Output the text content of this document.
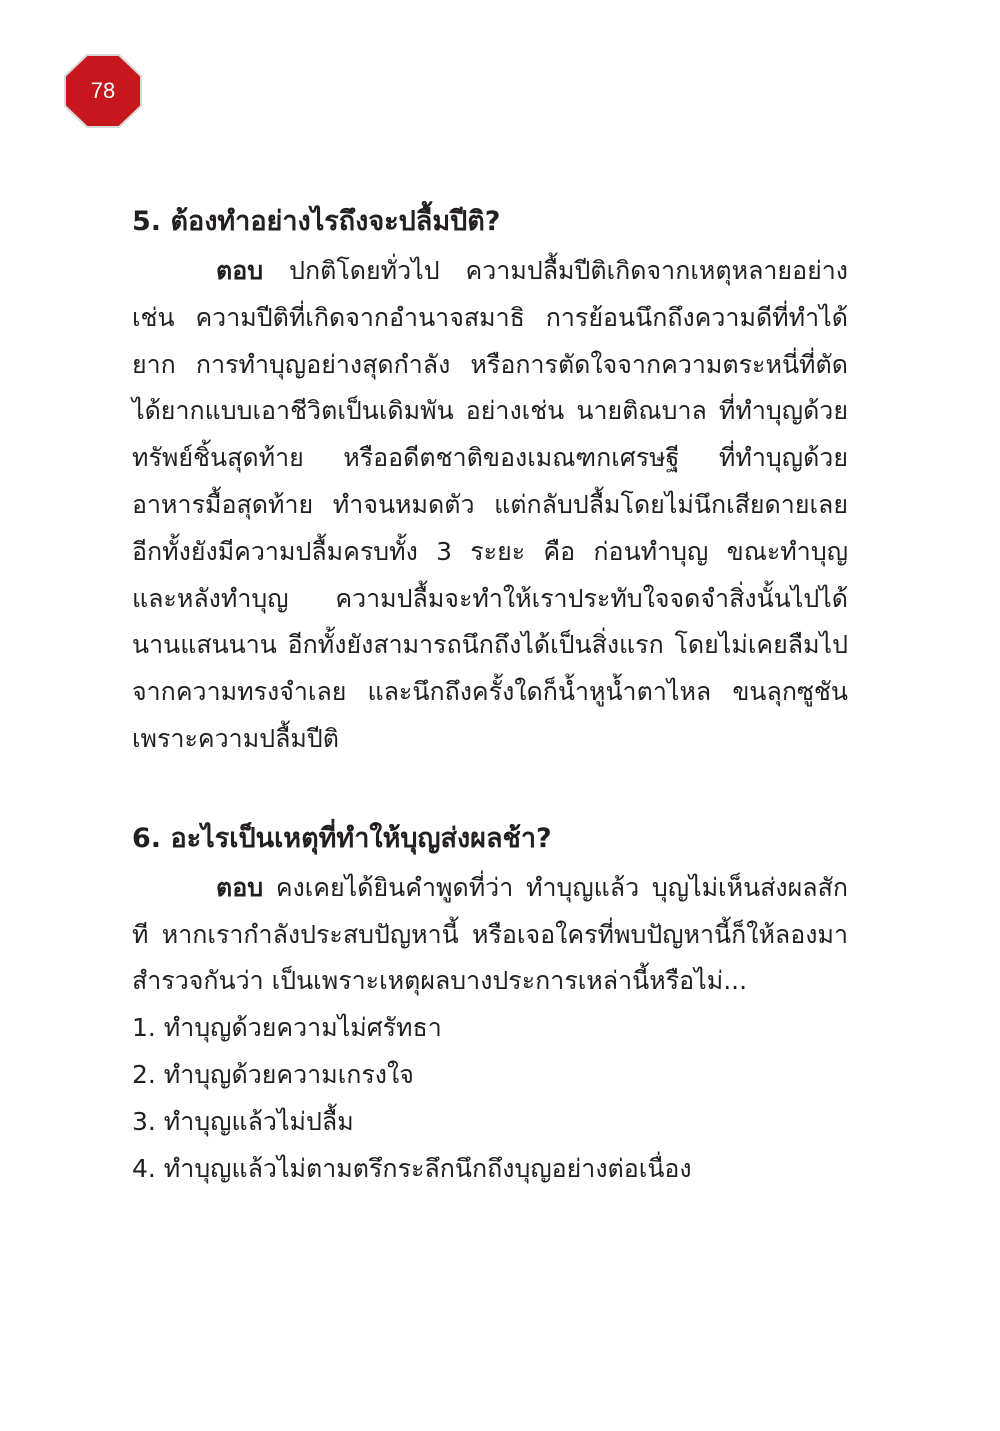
78
5. ต้องทำอย่างไรถึงจะปลื้มปีติ?

ตอบ ปกติโดยทั่วไป ความปลื้มปีติเกิดจากเหตุหลายอย่าง เช่น ความปีติที่เกิดจากอำนาจสมาธิ การย้อนนึกถึงความดีที่ทำได้ยาก การทำบุญอย่างสุดกำลัง หรือการตัดใจจากความตระหนี่ที่ตัดได้ยากแบบเอาชีวิตเป็นเดิมพัน อย่างเช่น นายติณบาล ที่ทำบุญด้วยทรัพย์ชิ้นสุดท้าย หรืออดีตชาติของเมณฑกเศรษฐี ที่ทำบุญด้วยอาหารมื้อสุดท้าย ทำจนหมดตัว แต่กลับปลื้มโดยไม่นึกเสียดายเลย อีกทั้งยังมีความปลื้มครบทั้ง 3 ระยะ คือ ก่อนทำบุญ ขณะทำบุญ และหลังทำบุญ ความปลื้มจะทำให้เราประทับใจจดจำสิ่งนั้นไปได้นานแสนนาน อีกทั้งยังสามารถนึกถึงได้เป็นสิ่งแรก โดยไม่เคยลืมไปจากความทรงจำเลย และนึกถึงครั้งใดก็น้ำหูน้ำตาไหล ขนลุกซูชัน เพราะความปลื้มปีติ

6. อะไรเป็นเหตุที่ทำให้บุญส่งผลช้า?

ตอบ คงเคยได้ยินคำพูดที่ว่า ทำบุญแล้ว บุญไม่เห็นส่งผลสักที หากเรากำลังประสบปัญหานี้ หรือเจอใครที่พบปัญหานี้ก็ให้ลองมาสำรวจกันว่า เป็นเพราะเหตุผลบางประการเหล่านี้หรือไม่...

1. ทำบุญด้วยความไม่ศรัทธา
2. ทำบุญด้วยความเกรงใจ
3. ทำบุญแล้วไม่ปลื้ม
4. ทำบุญแล้วไม่ตามตรึกระลึกนึกถึงบุญอย่างต่อเนื่อง
